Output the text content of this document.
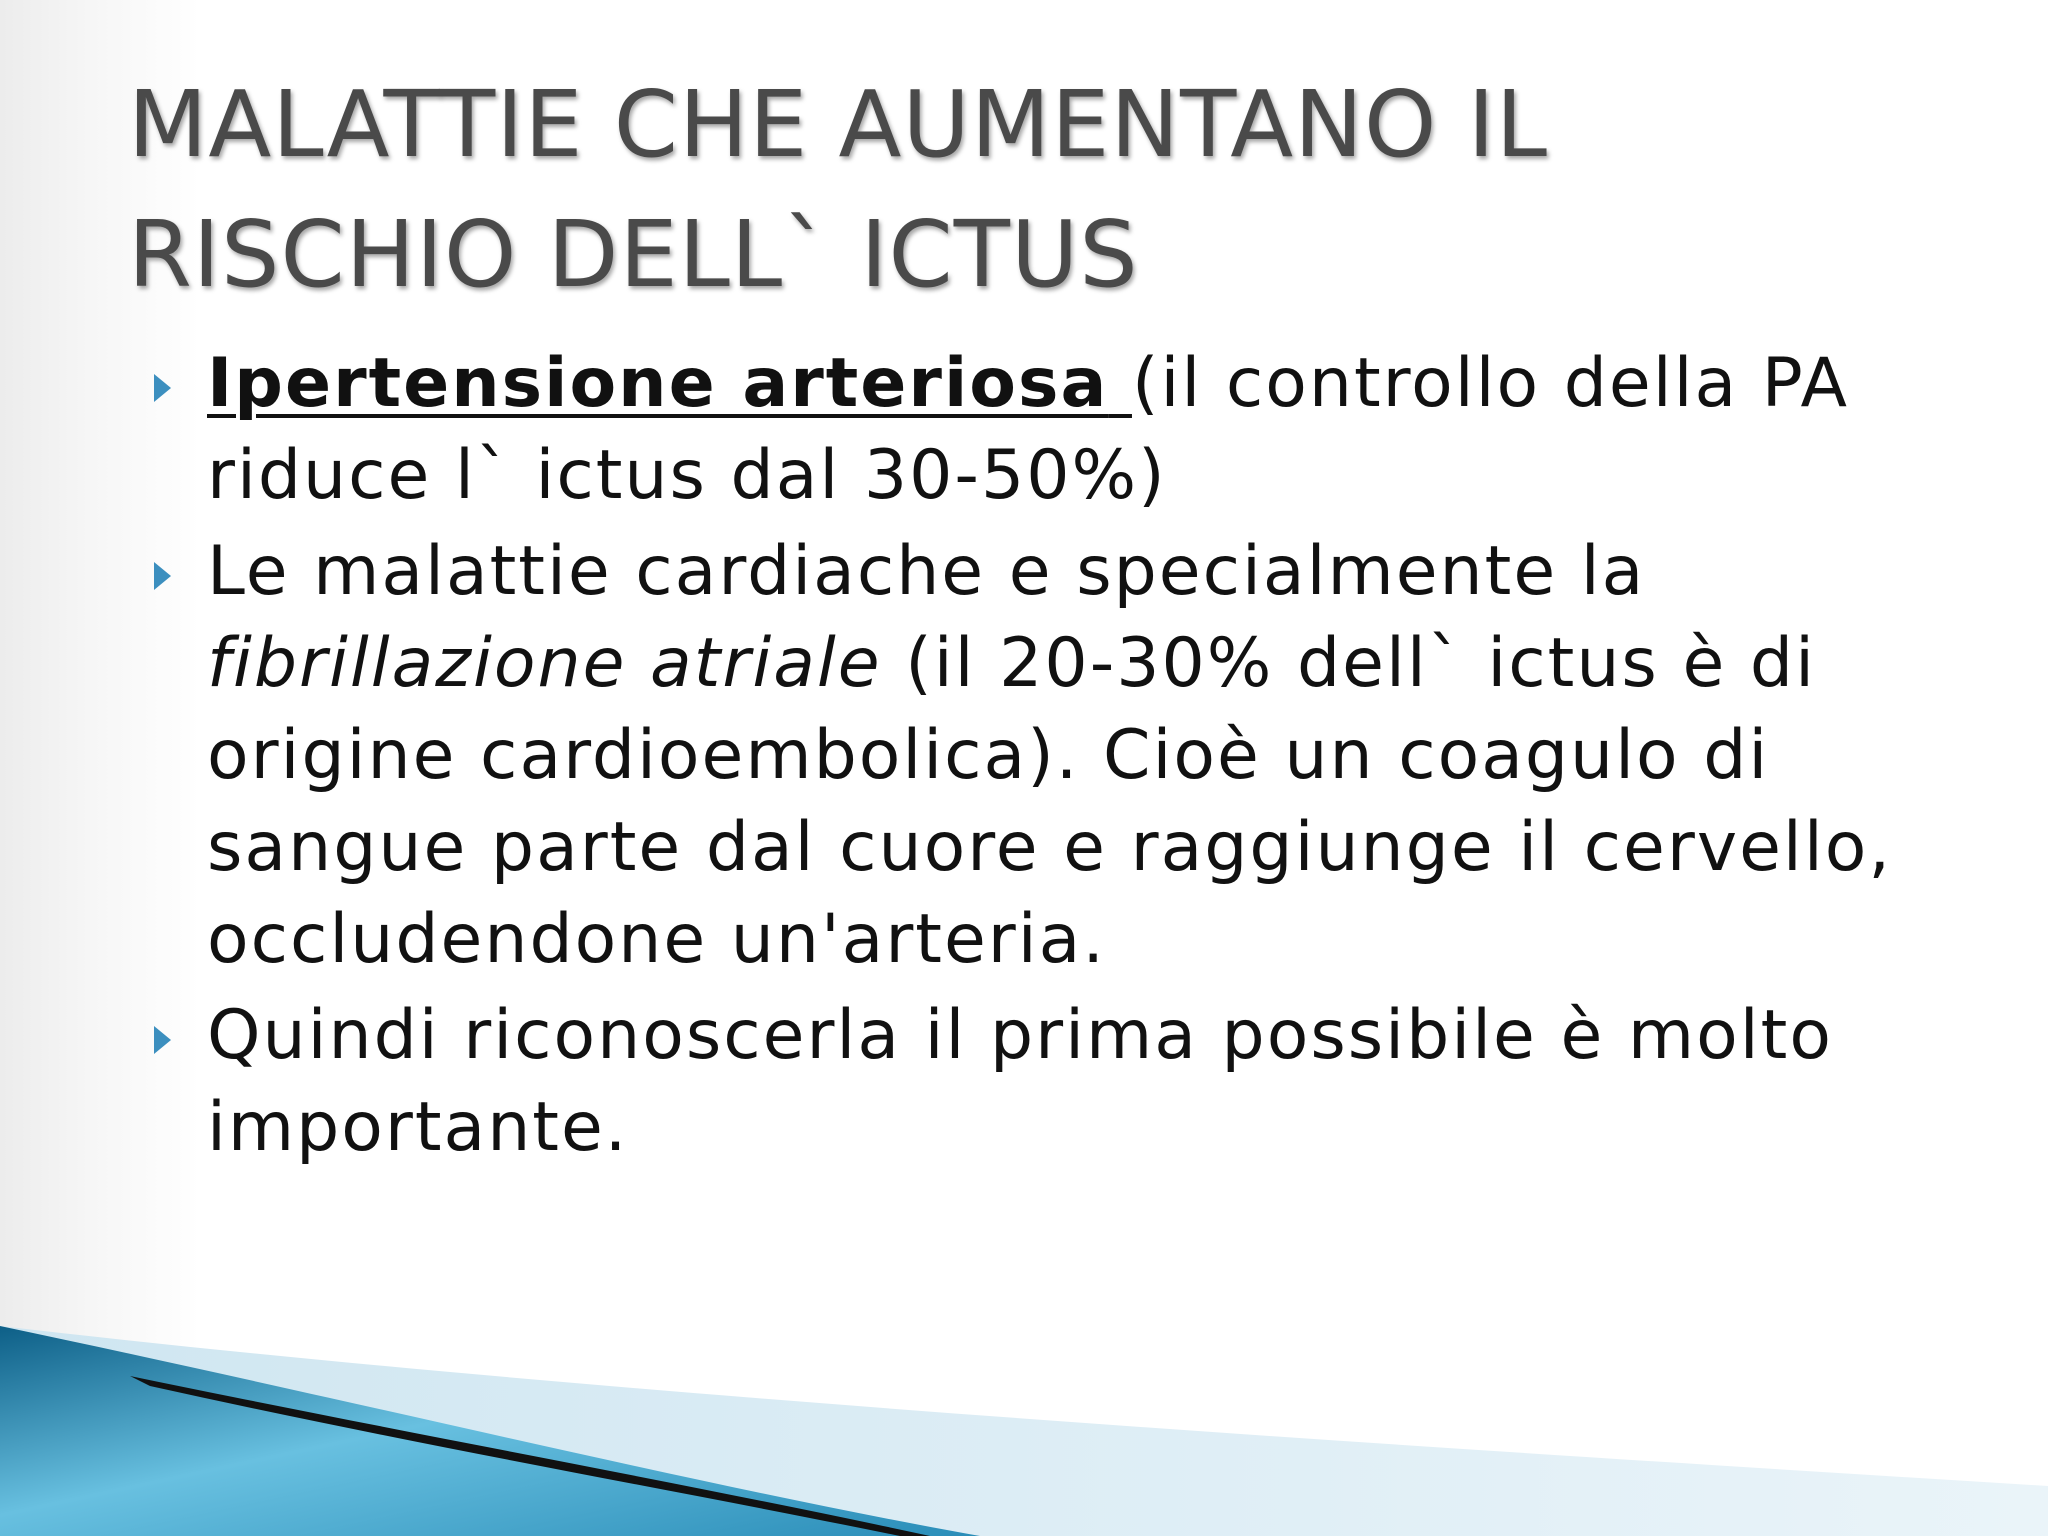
MALATTIE CHE AUMENTANO IL
RISCHIO DELL` ICTUS
Ipertensione arteriosa (il controllo della PA riduce l` ictus dal 30-50%)
Le malattie cardiache e specialmente la fibrillazione atriale (il 20-30% dell` ictus è di origine cardioembolica). Cioè un coagulo di sangue parte dal cuore e raggiunge il cervello, occludendone un'arteria.
Quindi riconoscerla il prima possibile è molto importante.
